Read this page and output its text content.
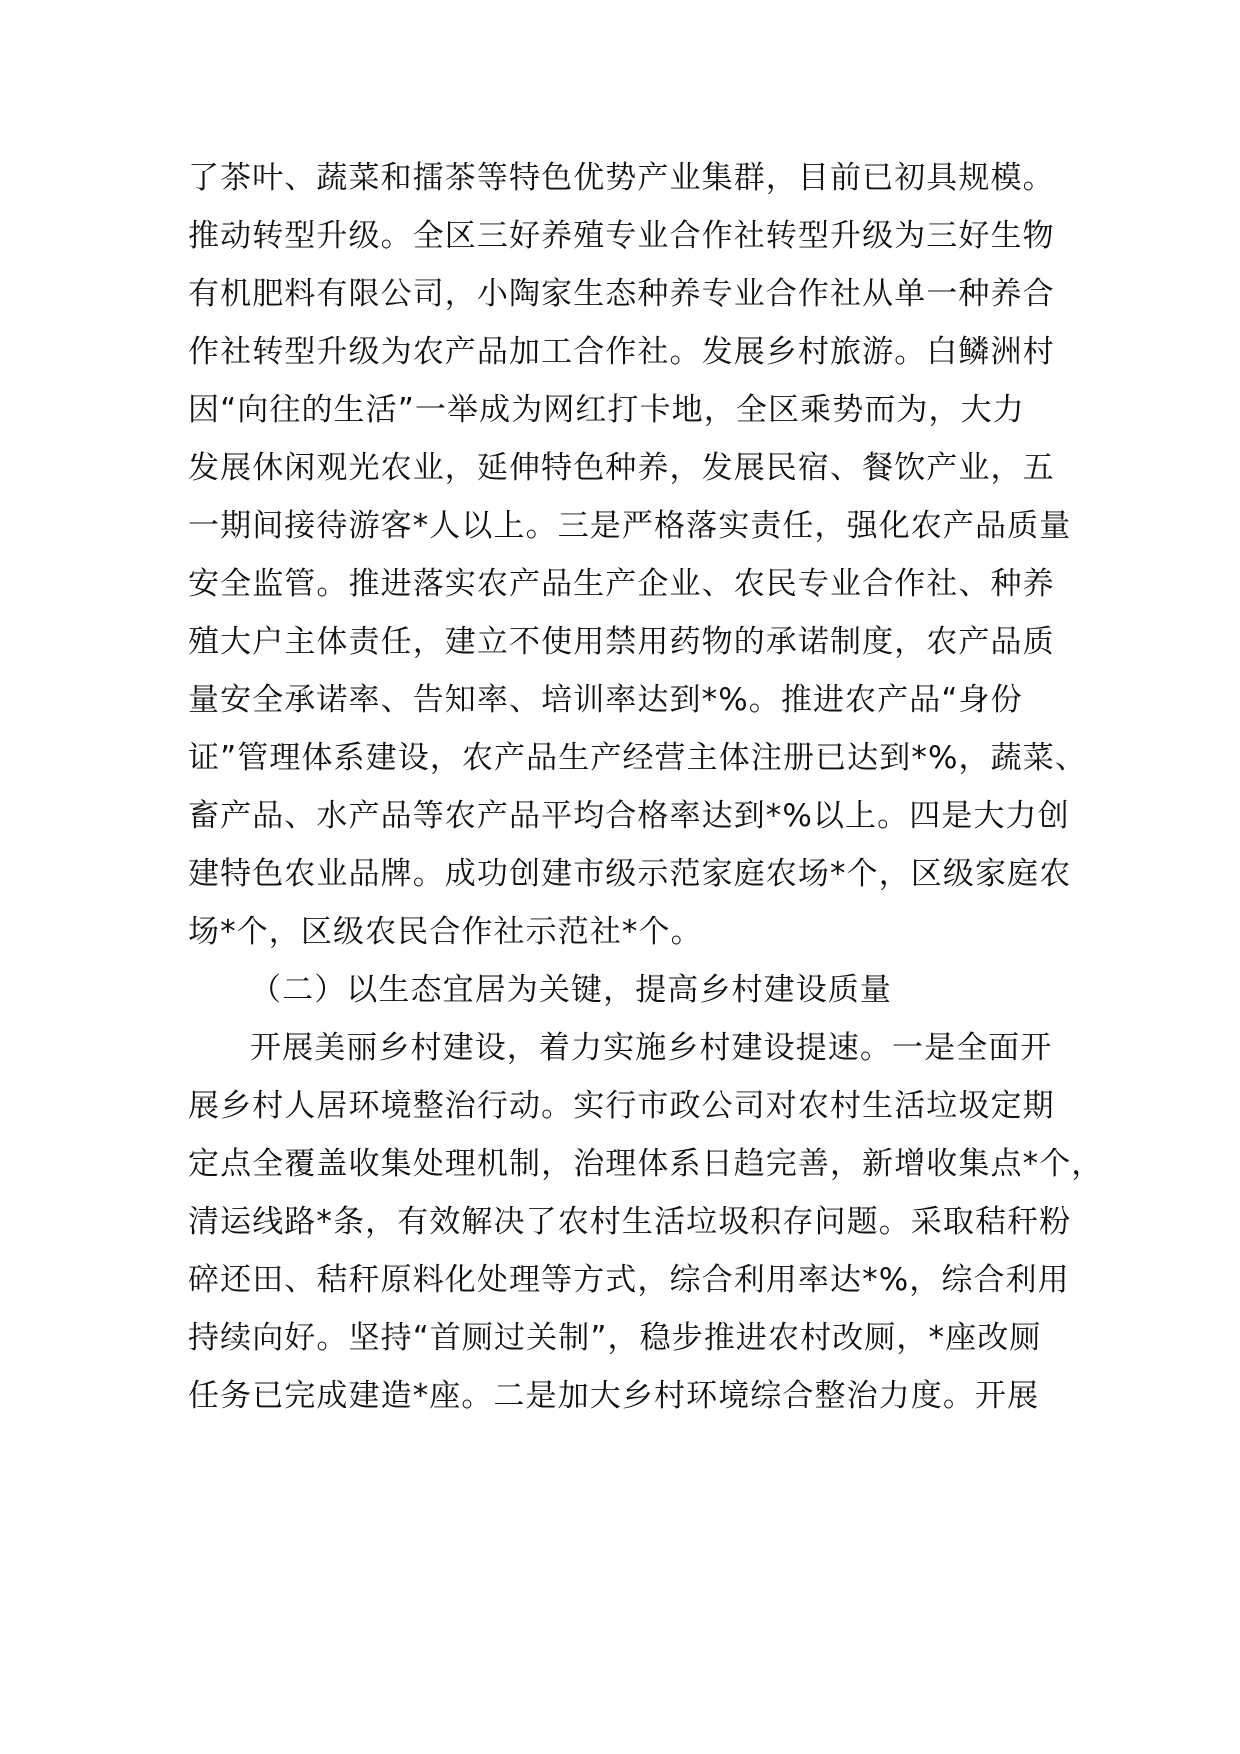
了茶叶、蔬菜和擂茶等特色优势产业集群，目前已初具规模。

推动转型升级。全区三好养殖专业合作社转型升级为三好生物

有机肥料有限公司，小陶家生态种养专业合作社从单一种养合

作社转型升级为农产品加工合作社。发展乡村旅游。白鳞洲村

因“向往的生活”一举成为网红打卡地，全区乘势而为，大力

发展休闲观光农业，延伸特色种养，发展民宿、餐饮产业，五

一期间接待游客*人以上。三是严格落实责任，强化农产品质量

安全监管。推进落实农产品生产企业、农民专业合作社、种养

殖大户主体责任，建立不使用禁用药物的承诺制度，农产品质

量安全承诺率、告知率、培训率达到*%。推进农产品“身份

证”管理体系建设，农产品生产经营主体注册已达到*%，蔬菜、

畜产品、水产品等农产品平均合格率达到*%以上。四是大力创

建特色农业品牌。成功创建市级示范家庭农场*个，区级家庭农

场*个，区级农民合作社示范社*个。

（二）以生态宜居为关键，提高乡村建设质量

开展美丽乡村建设，着力实施乡村建设提速。一是全面开

展乡村人居环境整治行动。实行市政公司对农村生活垃圾定期

定点全覆盖收集处理机制，治理体系日趋完善，新增收集点*个，

清运线路*条，有效解决了农村生活垃圾积存问题。采取秸秆粉

碎还田、秸秆原料化处理等方式，综合利用率达*%，综合利用

持续向好。坚持“首厕过关制”，稳步推进农村改厕，*座改厕

任务已完成建造*座。二是加大乡村环境综合整治力度。开展
